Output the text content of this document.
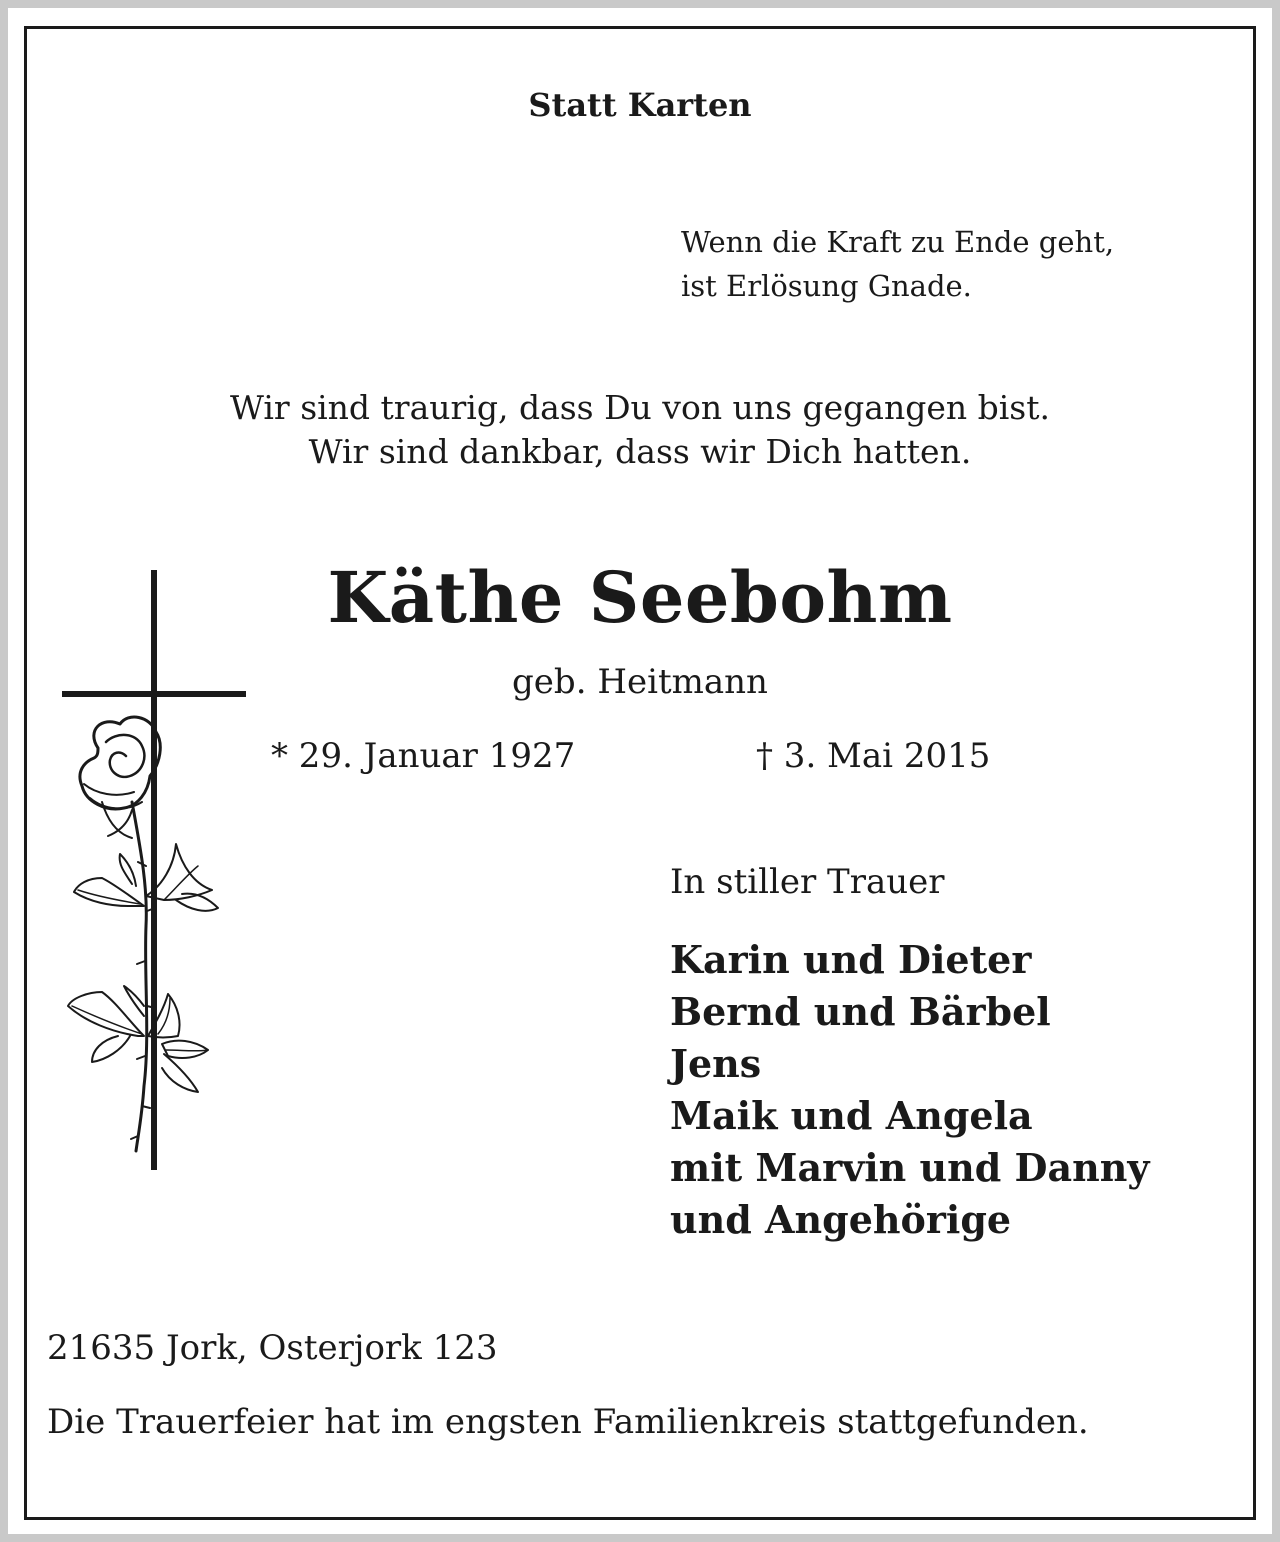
Statt Karten
Wenn die Kraft zu Ende geht,
ist Erlösung Gnade.
Wir sind traurig, dass Du von uns gegangen bist.
Wir sind dankbar, dass wir Dich hatten.
Käthe Seebohm
geb. Heitmann
* 29. Januar 1927	† 3. Mai 2015
In stiller Trauer
Karin und Dieter
Bernd und Bärbel
Jens
Maik und Angela
mit Marvin und Danny
und Angehörige
21635 Jork, Osterjork 123
Die Trauerfeier hat im engsten Familienkreis stattgefunden.
